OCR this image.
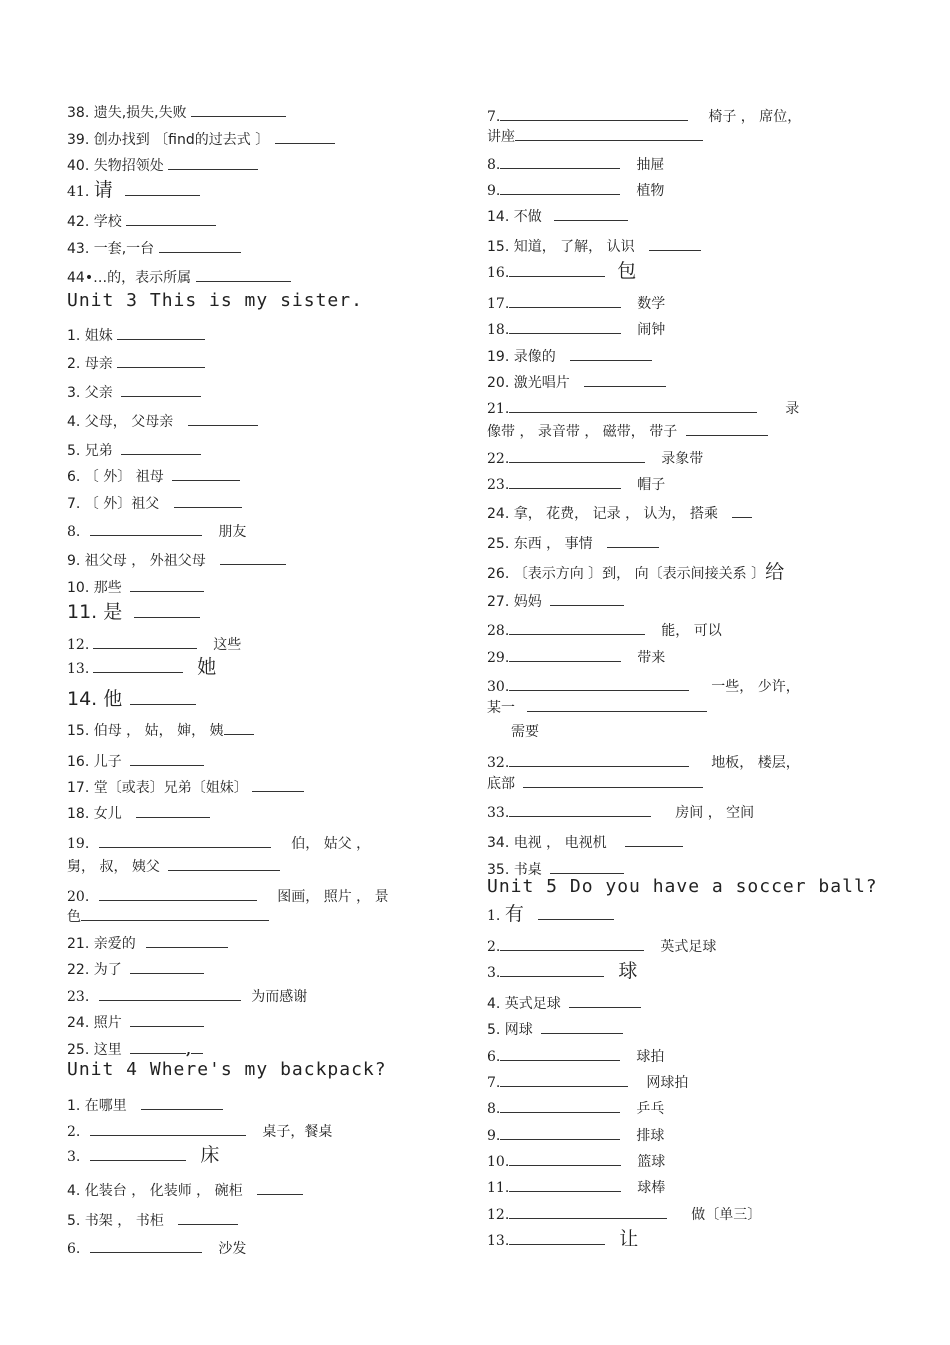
38. 遗失,损失,失败
39. 创办找到 〔find的过去式 〕
40. 失物招领处
41. 请
42. 学校
43. 一套,一台
44•…的，表示所属
Unit 3 This is my sister.
1. 姐妹
2. 母亲
3. 父亲
4. 父母， 父母亲
5. 兄弟
6. 〔 外〕 祖母
7. 〔 外〕祖父
8.	朋友
9. 祖父母 ， 外祖父母
10. 那些
11. 是
12.	这些
13.	她
14. 他
15. 伯母 ， 姑， 婶， 姨
16. 儿子
17. 堂〔或表〕兄弟〔姐妹〕
18. 女儿
19.	伯， 姑父 ，
舅， 叔， 姨父
20.	图画， 照片 ， 景
色
21. 亲爱的
22. 为了
23.	为而感谢
24. 照片
25. 这里	,
Unit 4 Where's my backpack?
1. 在哪里
2.	桌子，餐桌
3.	床
4. 化装台 ， 化装师 ， 碗柜
5. 书架 ， 书柜
6.	沙发
7.	椅子 ， 席位，
讲座
8.	抽屉
9.	植物
14. 不做
15. 知道， 了解， 认识
16.	包
17.	数学
18.	闹钟
19. 录像的
20. 激光唱片
21.	录
像带 ， 录音带 ， 磁带， 带子
22.	录象带
23.	帽子
24. 拿， 花费， 记录 ， 认为， 搭乘
25. 东西 ， 事情
26. 〔表示方向 〕到， 向〔表示间接关系 〕给
27. 妈妈
28.	能， 可以
29.	带来
30.	一些， 少许，
某一
需要
32.	地板， 楼层，
底部
33.	房间 ， 空间
34. 电视 ， 电视机
35. 书桌
Unit 5 Do you have a soccer ball?
1. 有
2.	英式足球
3.	球
4. 英式足球
5. 网球
6.	球拍
7.	网球拍
8.	乒乓
9.	排球
10.	篮球
11.	球棒
12.	做〔单三〕
13.	让
